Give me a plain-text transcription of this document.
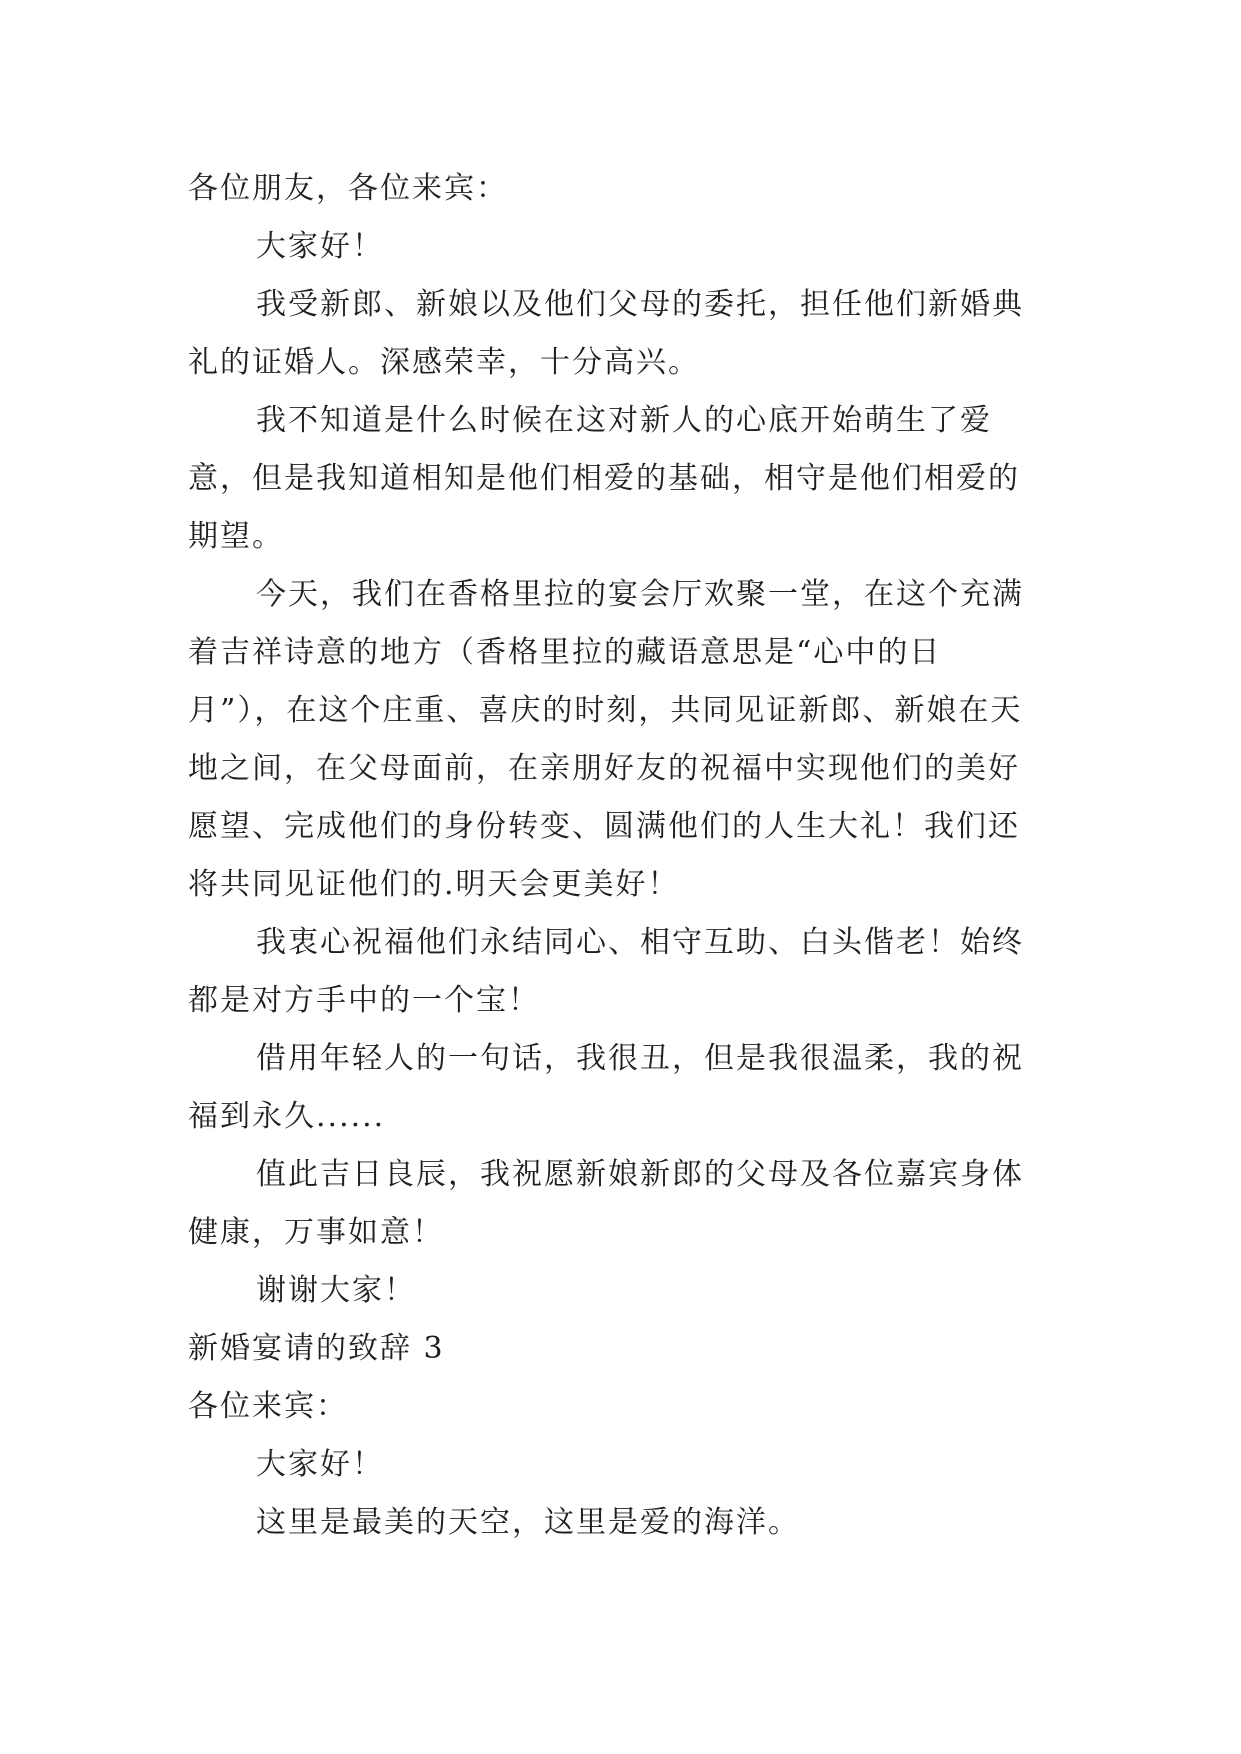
各位朋友，各位来宾：
大家好！
我受新郎、新娘以及他们父母的委托，担任他们新婚典
礼的证婚人。深感荣幸，十分高兴。
我不知道是什么时候在这对新人的心底开始萌生了爱
意，但是我知道相知是他们相爱的基础，相守是他们相爱的
期望。
今天，我们在香格里拉的宴会厅欢聚一堂，在这个充满
着吉祥诗意的地方（香格里拉的藏语意思是“心中的日
月”），在这个庄重、喜庆的时刻，共同见证新郎、新娘在天
地之间，在父母面前，在亲朋好友的祝福中实现他们的美好
愿望、完成他们的身份转变、圆满他们的人生大礼！我们还
将共同见证他们的.明天会更美好！
我衷心祝福他们永结同心、相守互助、白头偕老！始终
都是对方手中的一个宝！
借用年轻人的一句话，我很丑，但是我很温柔，我的祝
福到永久......
值此吉日良辰，我祝愿新娘新郎的父母及各位嘉宾身体
健康，万事如意！
谢谢大家！
新婚宴请的致辞 3
各位来宾：
大家好！
这里是最美的天空，这里是爱的海洋。
